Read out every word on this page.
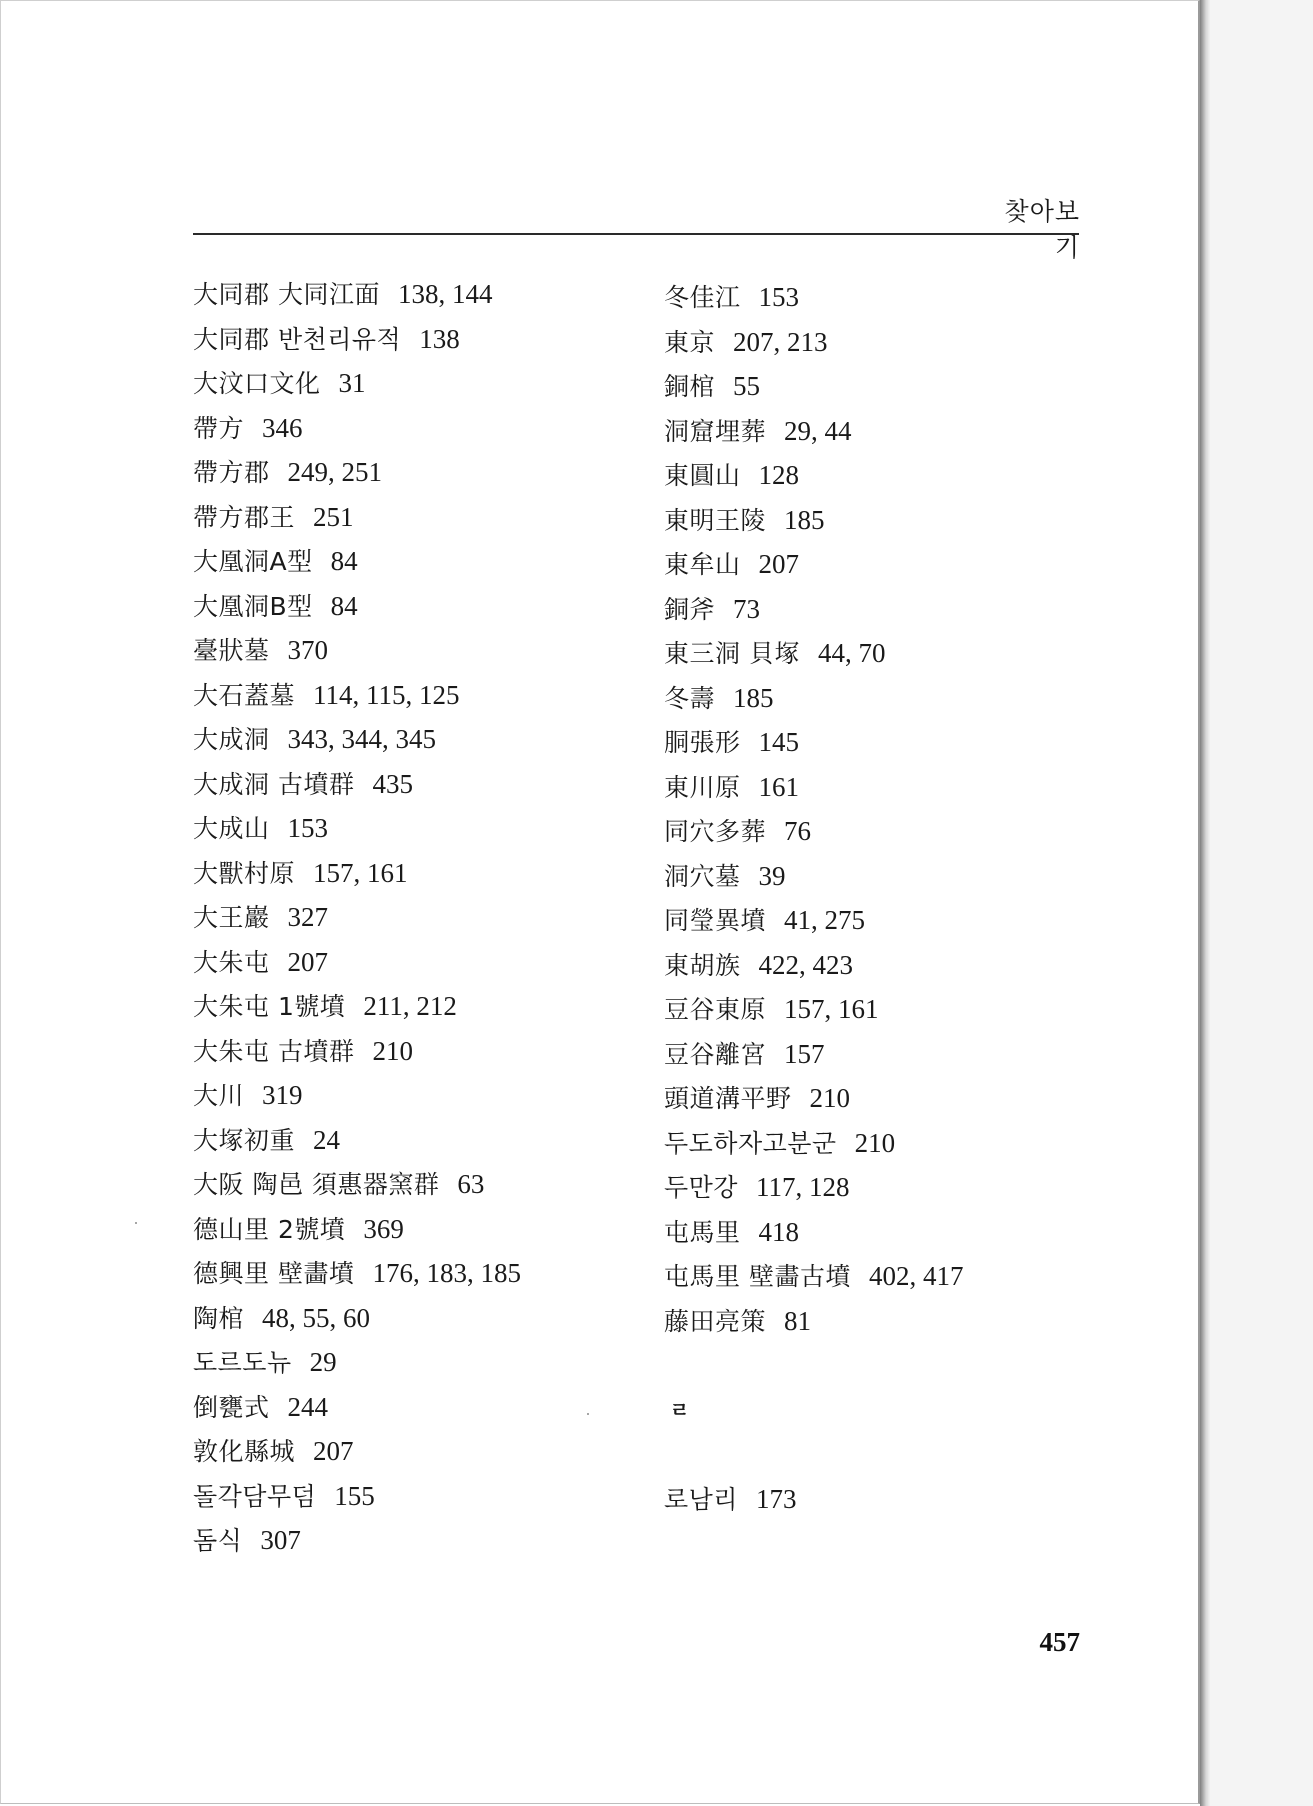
찾아보기
大同郡 大同江面 138, 144
大同郡 반천리유적 138
大汶口文化 31
帶方 346
帶方郡 249, 251
帶方郡王 251
大凰洞A型 84
大凰洞B型 84
臺狀墓 370
大石蓋墓 114, 115, 125
大成洞 343, 344, 345
大成洞 古墳群 435
大成山 153
大獸村原 157, 161
大王巖 327
大朱屯 207
大朱屯 1號墳 211, 212
大朱屯 古墳群 210
大川 319
大塚初重 24
大阪 陶邑 須惠器窯群 63
德山里 2號墳 369
德興里 壁畵墳 176, 183, 185
陶棺 48, 55, 60
도르도뉴 29
倒甕式 244
敦化縣城 207
돌각담무덤 155
돔식 307
冬佳江 153
東京 207, 213
銅棺 55
洞窟埋葬 29, 44
東圓山 128
東明王陵 185
東牟山 207
銅斧 73
東三洞 貝塚 44, 70
冬壽 185
胴張形 145
東川原 161
同穴多葬 76
洞穴墓 39
同瑩異墳 41, 275
東胡族 422, 423
豆谷東原 157, 161
豆谷離宮 157
頭道溝平野 210
두도하자고분군 210
두만강 117, 128
屯馬里 418
屯馬里 壁畵古墳 402, 417
藤田亮策 81
ㄹ
로남리 173
457
